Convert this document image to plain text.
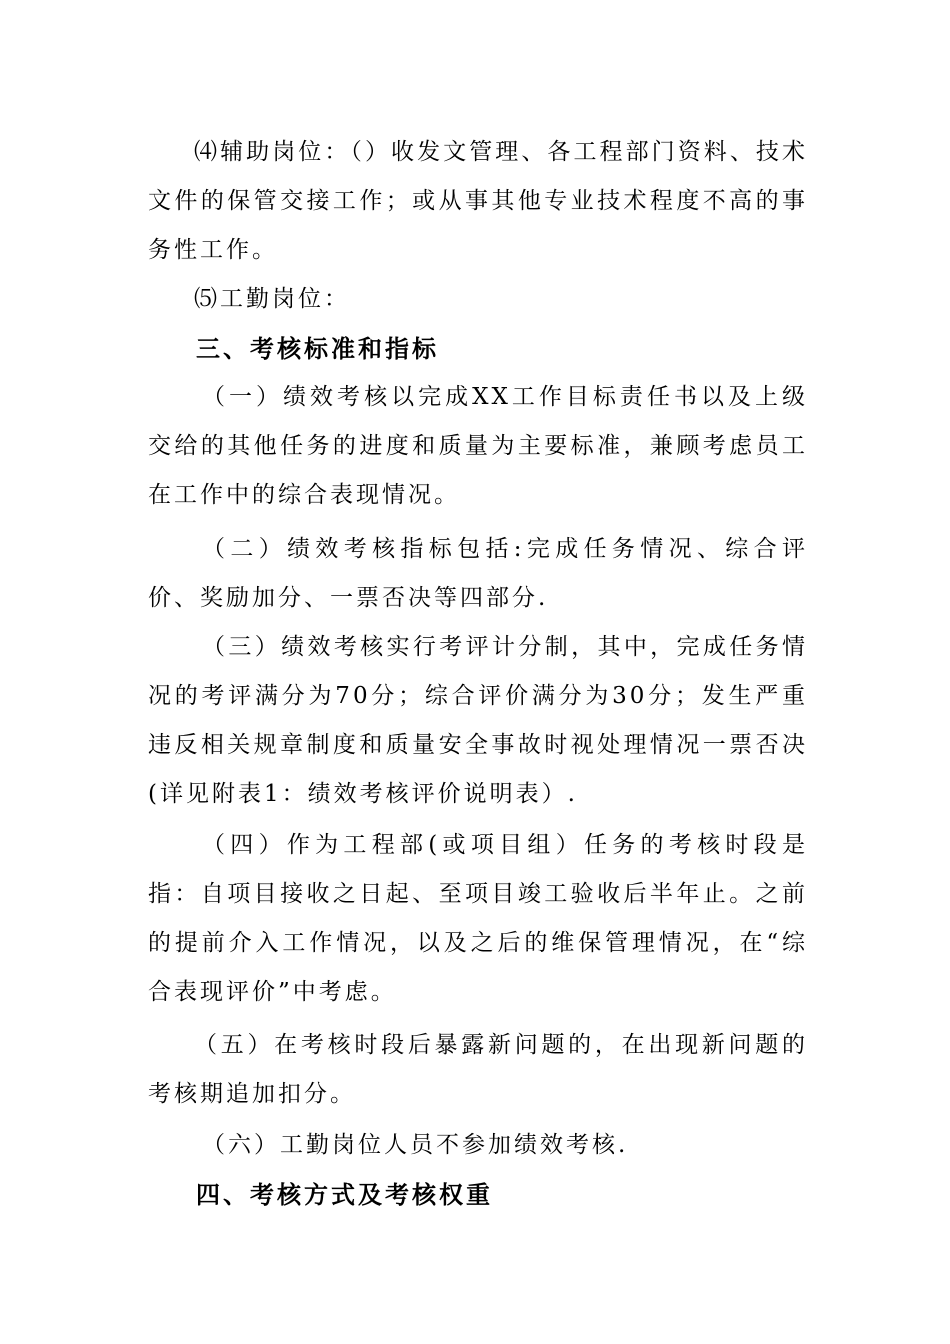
⑷辅助岗位：（）收发文管理、各工程部门资料、技术文件的保管交接工作；或从事其他专业技术程度不高的事务性工作。

⑸工勤岗位：

三、考核标准和指标

（一）绩效考核以完成XX工作目标责任书以及上级交给的其他任务的进度和质量为主要标准，兼顾考虑员工在工作中的综合表现情况。

（二）绩效考核指标包括:完成任务情况、综合评价、奖励加分、一票否决等四部分.

（三）绩效考核实行考评计分制，其中，完成任务情况的考评满分为70分；综合评价满分为30分；发生严重违反相关规章制度和质量安全事故时视处理情况一票否决(详见附表1：绩效考核评价说明表）.

（四）作为工程部(或项目组）任务的考核时段是指：自项目接收之日起、至项目竣工验收后半年止。之前的提前介入工作情况，以及之后的维保管理情况，在“综合表现评价”中考虑。

（五）在考核时段后暴露新问题的，在出现新问题的考核期追加扣分。

（六）工勤岗位人员不参加绩效考核.

四、考核方式及考核权重
